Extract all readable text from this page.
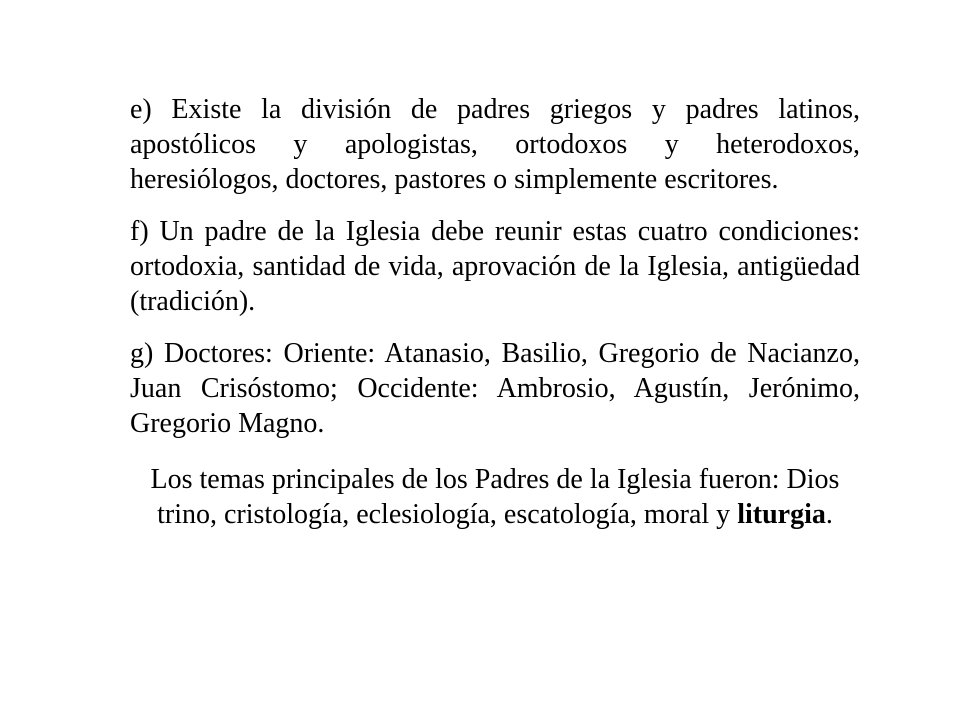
e) Existe la división de padres griegos y padres latinos, apostólicos y apologistas, ortodoxos y heterodoxos, heresiólogos, doctores, pastores o simplemente escritores.

f) Un padre de la Iglesia debe reunir estas cuatro condiciones: ortodoxia, santidad de vida, aprovación de la Iglesia, antigüedad (tradición).

g) Doctores: Oriente: Atanasio, Basilio, Gregorio de Nacianzo, Juan Crisóstomo; Occidente: Ambrosio, Agustín, Jerónimo, Gregorio Magno.

Los temas principales de los Padres de la Iglesia fueron: Dios trino, cristología, eclesiología, escatología, moral y liturgia.
